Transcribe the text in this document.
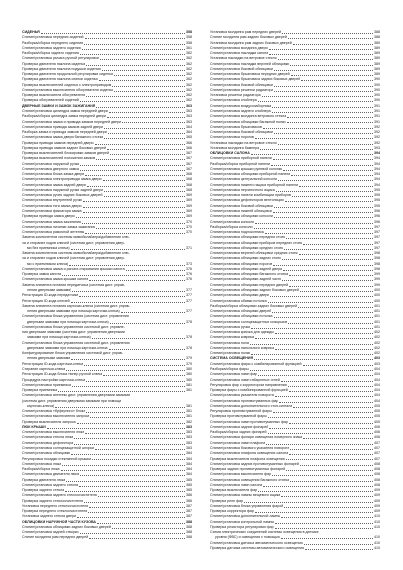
СИДЕНЬЯ	358
Снятие/установка передних сидений	358
Разборка/сборка переднего сидения	358
Снятие/установка заднего сидения	361
Разборка/сборка заднего сидения	362
Снятие/установка рычага ручной регулировки	362
Проверка двигателя наклона сиденья	362
Проверка двигателя наклона подушки сидения	362
Проверка двигателя продольной регулировки сиденья	362
Проверка двигателя наклона спинки сиденья	362
Проверка выключателей сиденья с электроприводом	362
Снятие/установка выключателя обогревателя сиденья	362
Проверка выключателя обогревателя	362
Проверка обогревателей сидений	362
ДВЕРНЫЕ ЗАМКИ И ЗАМОК ЗАЖИГАНИЯ	363
Снятие/установка цилиндра замка передней двери	363
Разборка/сборка цилиндра замка передней двери	363
Снятие/установка замка и привода замков передней двери	363
Снятие/установка привода замков задней двери	364
Разборка замка и привода замков передней двери	364
Снятие/установка замка двери багажного отсека	365
Проверка привода замков передней двери	366
Проверка привода замков задних боковых дверей	366
Проверка выключателей блокировки замков дверей	367
Проверка выключателей положения замков	367
Снятие/установка наружной ручки	367
Снятие/установка дверного замка	367
Снятие/установка блока замка двери	368
Снятие/установка электропривода замка двери	368
Снятие/установка замка задней двери	368
Снятие/установка наружной ручки задней двери	368
Снятие/установка ручек задних боковых дверей	369
Снятие/установка внутренней ручки	369
Снятие/установка тяги замка двери	369
Снятие/установка фиксатора замка	369
Проверка привода замка двери	369
Снятие/установка замка зажигания	370
Снятие/установка личинки замка зажигания	370
Снятие/установка рамочной антенны	370
Замена компонентов системы иммобилайзера/добавление клю-
ча и стирание кодов ключей (система дист. управления двер-
ми без приемника ключа)	371
Замена компонентов системы иммобилайзера/добавление клю-
ча и стирание кодов ключей (система дист. управления двер-
ми с приемником ключа)	373
Снятие/установка замка и рычага открывания крышки капота	376
Проверка замка капота	376
Снятие/установка замка крышки капота	376
Замена элемента питания передатчика (система дист. управ-
ления дверными замками)	377
Регистрация ID-кода передатчика	377
Регистрация ID-кода ключей	377
Замена элемента питания карточки-ключа (система дист. управ-
ления дверными замками при помощи карточки-ключа)	377
Снятие/установка блока управления (система дист. управления
дверными замками при помощи карточки-ключа)	378
Снятие/установка блока управления системой дист. управле-
ния дверными замками (система дист. управления дверными
замками при помощи карточки-ключа)	378
Снятие/установка блока управления системой дист. управления
дверными замками при помощи карточки-ключа	378
Конфигурирование блока управления системой дист. управ-
ления дверными замками	379
Регистрация ID-кода карточки-ключа	379
Стирание карточки-ключа	380
Регистрация ID-кода блока тюнер ручной ключа	380
Процедура настройки карточки-ключа	380
Снятие/установка приемника	381
Проверка приемника	381
Снятие/установка антенны дист. управления дверными замками
(система дист. управления дверными замками при помощи
карточки-ключа)	381
Снятие/установка «буферного» блока	381
Снятие/установка выключателя запроса	381
Проверка выключателя запроса	382
ЛЮК КРЫШИ	383
Снятие/установка выключателя люка	383
Снятие/установка стекла люка	383
Снятие/установка дефлектора	383
Снятие/установка солнцезащитной шторки	383
Снятие/установка облицовки	384
Регулировка посадки стеклянной крышки	384
Снятие/установка люка	384
Разборка/сборка люка	384
Снятие/установка двигателя люка	384
Проверка двигателя люка	385
Снятие/установка заднего стекла	385
Проверка заднего стекла	385
Снятие/установка заднего стеклоочистителя	386
Проверка заднего стеклоочистителя	386
Установка переднего стеклоочистителя	387
Проверка переднего стеклоочистителя	387
Установка заднего стекла двери	387
ОБЛИЦОВКИ НАРУЖНОЙ ЧАСТИ КУЗОВА	388
Снятие/установка облицовки задних боковых дверей	388
Снятие/установка задней створки	388
Снятие молдинга рам передних дверей	388
Установка молдинга рам передних дверей	388
Снятие молдинга рам задних боковых дверей	388
Установка молдинга рам задних боковых дверей	389
Снятие/установка молдинга двери	389
Снятие/установка накладки капота	389
Установка накладки на ветровое стекло	389
Снятие/установка накладки верхней облицовки	389
Снятие/установка боковой облицовки	389
Снятие/установка брызговика передних дверей	389
Снятие/установка брызговика задних боковых дверей	390
Снятие/установка боковой облицовки	390
Снятие/установка решетки радиатора	390
Установка решетки радиатора	390
Снятие/установка спойлера	390
Снятие/установка воздухозаборника	391
Снятие/установка заднего спойлера	391
Снятие/установка молдинга ветрового стекла	391
Снятие/установка облицовки багажной полки	391
Снятие/установка брызговиков	392
Снятие/установка боковой облицовки	392
Снятие/установка порогов	392
Установка накладки на ветровое стекло	392
Установка молдинга бампера	393
ОБЛИЦОВКИ САЛОНА	394
Снятие/установка приборной панели	394
Разборка/сборка приборной панели	394
Снятие/установка крышки рулевой колонки	394
Снятие/установка облицовки приборной панели	394
Снятие/установка центральной консоли	394
Снятие/установка нижнего ящика приборной панели	394
Снятие/установка перчаточного ящика	395
Снятие/установка панели комбинации приборов	395
Снятие/установка дефлекторов вентиляции	395
Снятие/установка боковой облицовки	395
Снятие/установка нижней облицовки	396
Снятие/установка облицовки консоли	396
Снятие/установка консоли	396
Разборка/сборка консоли	397
Снятие/установка подлокотника	397
Снятие/установка облицовки передних стоек	397
Снятие/установка облицовки приборов передних стоек	397
Снятие/установка облицовки средних стоек	397
Снятие/установка верхней облицовки средних стоек	398
Снятие/установка облицовки задних стоек	398
Снятие/установка облицовки порогов	398
Снятие/установка облицовки задней двери	398
Снятие/установка облицовки багажного отсека	399
Снятие/установка облицовки задней части	399
Снятие/установка облицовки передних дверей	399
Снятие/установка облицовки задних боковых дверей	400
Снятие/установка облицовки двери	400
Снятие/установка обивки потолка	400
Разборка/сборка облицовки задних боковых дверей	401
Снятие/установка облицовки дверей	401
Снятие/установка облицовки потолка	401
Снятие/установка солнцезащитных козырьков	401
Снятие/установка ручки	401
Снятие/установка крючка для одежды	402
Снятие/установка коврика	402
Снятие/установка пола	402
Снятие/установка напольного коврика	402
Снятие/установка полки	402
СИСТЕМА ОСВЕЩЕНИЯ	403
Снятие/установка фары с комбинированной функцией	403
Разборка/сборка фары	404
Снятие/установка ламп фар	404
Снятие/установка ламп габаритных огней	404
Регулировка фар с корректором направления	404
Проверка фары с комбинированной функцией	404
Снятие/установка указателя поворота	404
Снятие/установка противотуманных фар	404
Снятие/установка дополнительного стоп-сигнала	405
Регулировка противотуманной фары	405
Проверка противотуманной фары	405
Снятие/установка ламп противотуманных фар	405
Снятие/установка задних фонарей	406
Разборка/сборка задних фонарей	406
Снятие/установка фонаря освещения номерного знака	406
Снятие/установка ламп плафона	407
Снятие/установка бокового указателя поворота	407
Снятие/установка плафона освещения салона	407
Проверка выключателя плафона освещения	407
Снятие/установка задних противотуманных фонарей	408
Проверка задних противотуманных фонарей	408
Снятие/установка выключателя фар	408
Снятие/установка освещения багажного отсека	408
Снятие/установка ламп салона	408
Проверка выключателя фар	409
Снятие/установка лампы вещевого ящика	409
Проверка реле фар	409
Снятие/установка блока управления фарой	409
Проверка корректора фар	409
Снятие/установка дополнительной лампы	410
Снятие/установка контрольной лампы	410
Проверка резистора регулировки фар	410
Схема электрических соединений системы освещения в датчике
уровня (ФВС) и освещения с помощью	410
Снятие/установка датчика автоматического освещения	410
Проверка датчика системы автоматического освещения	410
